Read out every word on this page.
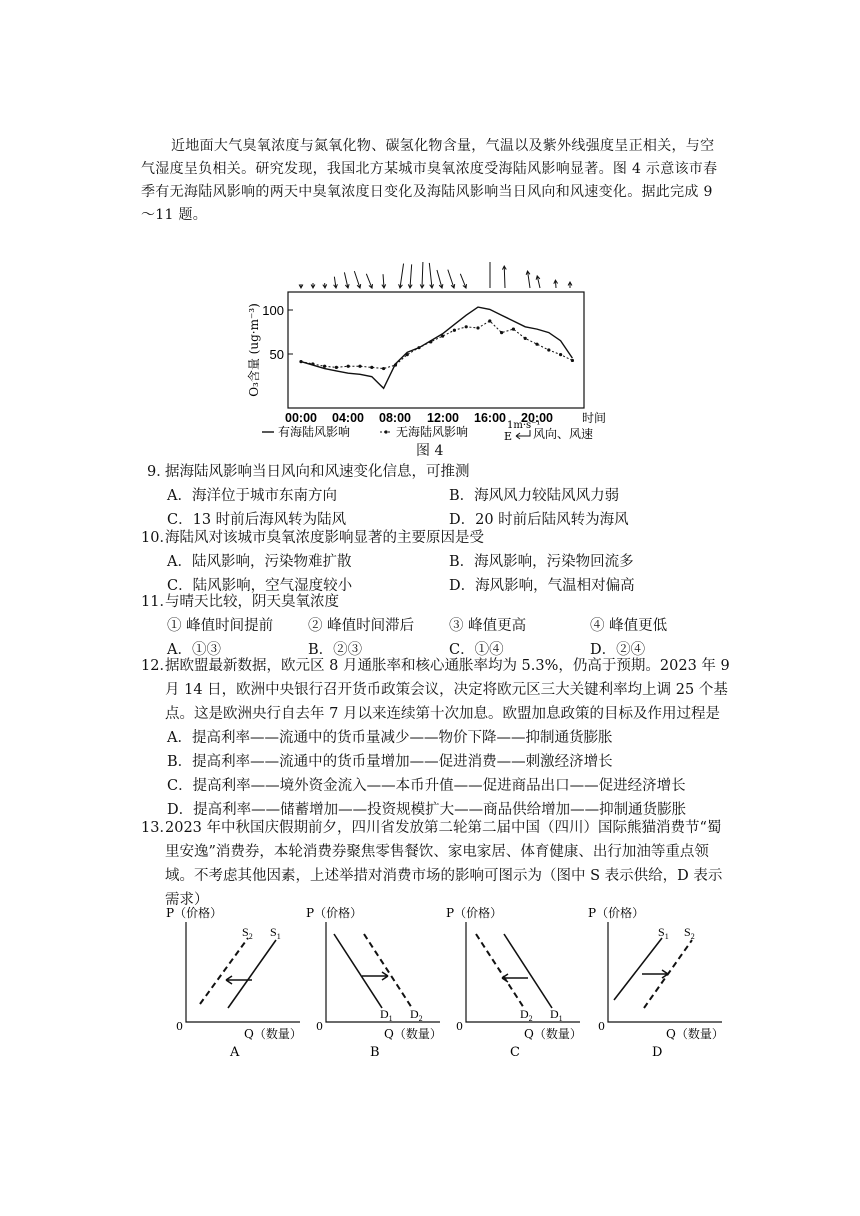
近地面大气臭氧浓度与氮氧化物、碳氢化物含量，气温以及紫外线强度呈正相关，与空气湿度呈负相关。研究发现，我国北方某城市臭氧浓度受海陆风影响显著。图 4 示意该市春季有无海陆风影响的两天中臭氧浓度日变化及海陆风影响当日风向和风速变化。据此完成 9～11 题。

100
50
O₃含量 (ug·m⁻³)
00:00 04:00 08:00 12:00 16:00 20:00 时间
有海陆风影响	无海陆风影响	1m·s⁻¹
E 风向、风速
图 4
9．
据海陆风影响当日风向和风速变化信息，可推测
A．海洋位于城市东南方向	B．海风风力较陆风风力弱
C．13 时前后海风转为陆风	D．20 时前后陆风转为海风
10．
海陆风对该城市臭氧浓度影响显著的主要原因是受
A．陆风影响，污染物难扩散	B．海风影响，污染物回流多
C．陆风影响，空气湿度较小	D．海风影响，气温相对偏高
11．
与晴天比较，阴天臭氧浓度
① 峰值时间提前	② 峰值时间滞后	③ 峰值更高	④ 峰值更低
A．①③	B．②③	C．①④	D．②④
12．
据欧盟最新数据，欧元区 8 月通胀率和核心通胀率均为 5.3%，仍高于预期。2023 年 9 月 14 日，欧洲中央银行召开货币政策会议，决定将欧元区三大关键利率均上调 25 个基点。这是欧洲央行自去年 7 月以来连续第十次加息。欧盟加息政策的目标及作用过程是
A．提高利率——流通中的货币量减少——物价下降——抑制通货膨胀
B．提高利率——流通中的货币量增加——促进消费——刺激经济增长
C．提高利率——境外资金流入——本币升值——促进商品出口——促进经济增长
D．提高利率——储蓄增加——投资规模扩大——商品供给增加——抑制通货膨胀
13．
2023 年中秋国庆假期前夕，四川省发放第二轮第二届中国（四川）国际熊猫消费节“蜀里安逸”消费券，本轮消费券聚焦零售餐饮、家电家居、体育健康、出行加油等重点领域。不考虑其他因素，上述举措对消费市场的影响可图示为（图中 S 表示供给，D 表示需求）
P（价格）
0
$S_2$ $S_1$
Q（数量）
A
P（价格）
0
$D_1$ $D_2$
Q（数量）
B
P（价格）
0
$D_2$ $D_1$
Q（数量）
C
P（价格）
0
$S_1$ $S_2$
Q（数量）
D
